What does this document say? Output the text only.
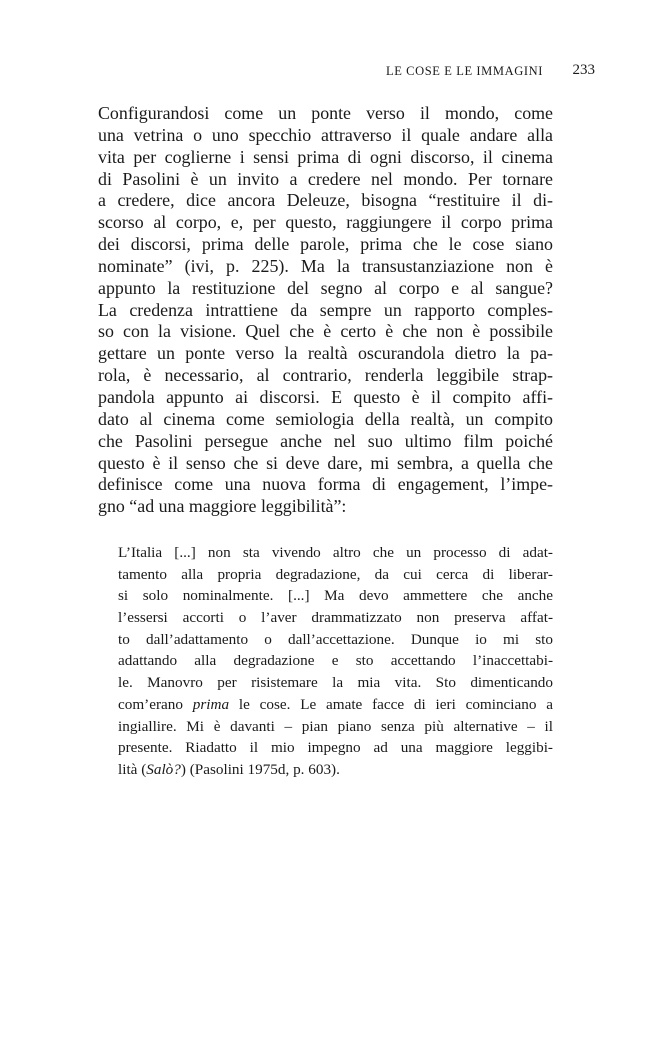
LE COSE E LE IMMAGINI 233
Configurandosi come un ponte verso il mondo, come
una vetrina o uno specchio attraverso il quale andare alla
vita per coglierne i sensi prima di ogni discorso, il cinema
di Pasolini è un invito a credere nel mondo. Per tornare
a credere, dice ancora Deleuze, bisogna “restituire il di-
scorso al corpo, e, per questo, raggiungere il corpo prima
dei discorsi, prima delle parole, prima che le cose siano
nominate” (ivi, p. 225). Ma la transustanziazione non è
appunto la restituzione del segno al corpo e al sangue?
La credenza intrattiene da sempre un rapporto comples-
so con la visione. Quel che è certo è che non è possibile
gettare un ponte verso la realtà oscurandola dietro la pa-
rola, è necessario, al contrario, renderla leggibile strap-
pandola appunto ai discorsi. E questo è il compito affi-
dato al cinema come semiologia della realtà, un compito
che Pasolini persegue anche nel suo ultimo film poiché
questo è il senso che si deve dare, mi sembra, a quella che
definisce come una nuova forma di engagement, l’impe-
gno “ad una maggiore leggibilità”:
L’Italia [...] non sta vivendo altro che un processo di adat-
tamento alla propria degradazione, da cui cerca di liberar-
si solo nominalmente. [...] Ma devo ammettere che anche
l’essersi accorti o l’aver drammatizzato non preserva affat-
to dall’adattamento o dall’accettazione. Dunque io mi sto
adattando alla degradazione e sto accettando l’inaccettabi-
le. Manovro per risistemare la mia vita. Sto dimenticando
com’erano prima le cose. Le amate facce di ieri cominciano a
ingiallire. Mi è davanti – pian piano senza più alternative – il
presente. Riadatto il mio impegno ad una maggiore leggibi-
lità (Salò?) (Pasolini 1975d, p. 603).
